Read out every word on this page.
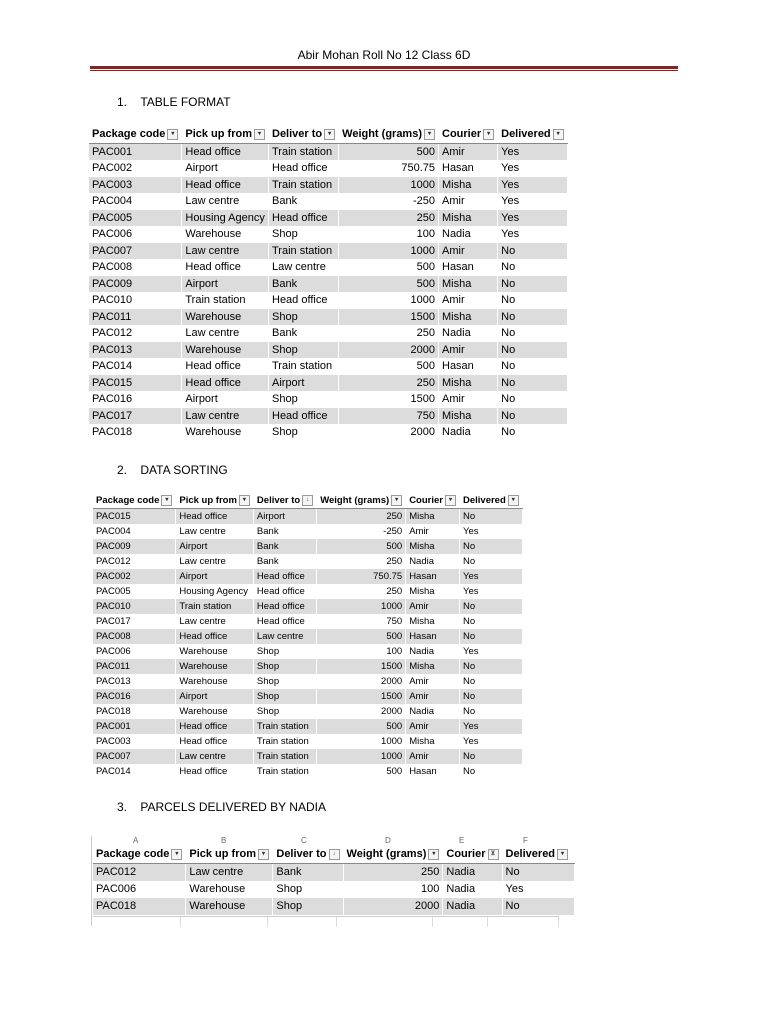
Abir Mohan Roll No 12 Class 6D
1. TABLE FORMAT
Package code ▾	Pick up from ▾	Deliver to ▾	Weight (grams) ▾	Courier ▾	Delivered ▾
PAC001	Head office	Train station	500	Amir	Yes
PAC002	Airport	Head office	750.75	Hasan	Yes
PAC003	Head office	Train station	1000	Misha	Yes
PAC004	Law centre	Bank	-250	Amir	Yes
PAC005	Housing Agency	Head office	250	Misha	Yes
PAC006	Warehouse	Shop	100	Nadia	Yes
PAC007	Law centre	Train station	1000	Amir	No
PAC008	Head office	Law centre	500	Hasan	No
PAC009	Airport	Bank	500	Misha	No
PAC010	Train station	Head office	1000	Amir	No
PAC011	Warehouse	Shop	1500	Misha	No
PAC012	Law centre	Bank	250	Nadia	No
PAC013	Warehouse	Shop	2000	Amir	No
PAC014	Head office	Train station	500	Hasan	No
PAC015	Head office	Airport	250	Misha	No
PAC016	Airport	Shop	1500	Amir	No
PAC017	Law centre	Head office	750	Misha	No
PAC018	Warehouse	Shop	2000	Nadia	No
2. DATA SORTING
Package code ▾	Pick up from ▾	Deliver to ↓	Weight (grams) ▾	Courier ▾	Delivered ▾
PAC015	Head office	Airport	250	Misha	No
PAC004	Law centre	Bank	-250	Amir	Yes
PAC009	Airport	Bank	500	Misha	No
PAC012	Law centre	Bank	250	Nadia	No
PAC002	Airport	Head office	750.75	Hasan	Yes
PAC005	Housing Agency	Head office	250	Misha	Yes
PAC010	Train station	Head office	1000	Amir	No
PAC017	Law centre	Head office	750	Misha	No
PAC008	Head office	Law centre	500	Hasan	No
PAC006	Warehouse	Shop	100	Nadia	Yes
PAC011	Warehouse	Shop	1500	Misha	No
PAC013	Warehouse	Shop	2000	Amir	No
PAC016	Airport	Shop	1500	Amir	No
PAC018	Warehouse	Shop	2000	Nadia	No
PAC001	Head office	Train station	500	Amir	Yes
PAC003	Head office	Train station	1000	Misha	Yes
PAC007	Law centre	Train station	1000	Amir	No
PAC014	Head office	Train station	500	Hasan	No
3. PARCELS DELIVERED BY NADIA
A	B	C	D	E	F
Package code ▾	Pick up from ▾	Deliver to ↓	Weight (grams) ▾	Courier ⊻	Delivered ▾
PAC012	Law centre	Bank	250	Nadia	No
PAC006	Warehouse	Shop	100	Nadia	Yes
PAC018	Warehouse	Shop	2000	Nadia	No
